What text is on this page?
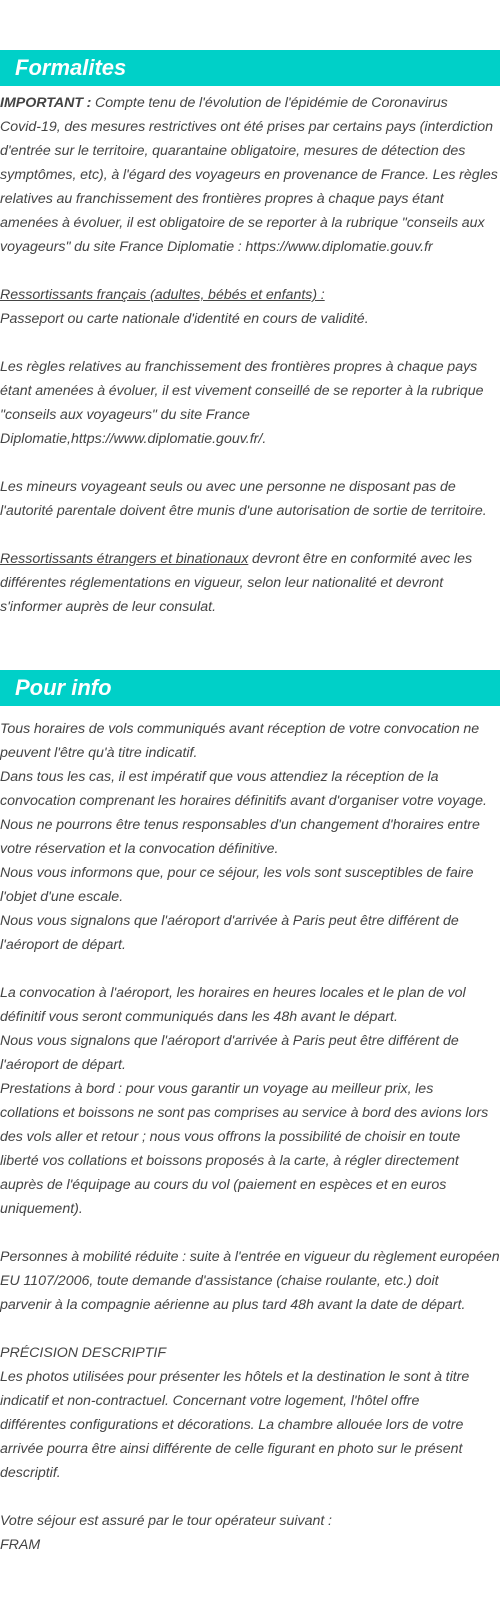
Formalites
IMPORTANT : Compte tenu de l'évolution de l'épidémie de Coronavirus
Covid-19, des mesures restrictives ont été prises par certains pays (interdiction
d'entrée sur le territoire, quarantaine obligatoire, mesures de détection des
symptômes, etc), à l'égard des voyageurs en provenance de France. Les règles
relatives au franchissement des frontières propres à chaque pays étant
amenées à évoluer, il est obligatoire de se reporter à la rubrique "conseils aux
voyageurs" du site France Diplomatie : https://www.diplomatie.gouv.fr
Ressortissants français (adultes, bébés et enfants) :
Passeport ou carte nationale d'identité en cours de validité.
Les règles relatives au franchissement des frontières propres à chaque pays
étant amenées à évoluer, il est vivement conseillé de se reporter à la rubrique
"conseils aux voyageurs" du site France
Diplomatie,https://www.diplomatie.gouv.fr/.
Les mineurs voyageant seuls ou avec une personne ne disposant pas de
l'autorité parentale doivent être munis d'une autorisation de sortie de territoire.
Ressortissants étrangers et binationaux devront être en conformité avec les
différentes réglementations en vigueur, selon leur nationalité et devront
s'informer auprès de leur consulat.
Pour info
Tous horaires de vols communiqués avant réception de votre convocation ne
peuvent l'être qu'à titre indicatif.
Dans tous les cas, il est impératif que vous attendiez la réception de la
convocation comprenant les horaires définitifs avant d'organiser votre voyage.
Nous ne pourrons être tenus responsables d'un changement d'horaires entre
votre réservation et la convocation définitive.
Nous vous informons que, pour ce séjour, les vols sont susceptibles de faire
l'objet d'une escale.
Nous vous signalons que l'aéroport d'arrivée à Paris peut être différent de
l'aéroport de départ.
La convocation à l'aéroport, les horaires en heures locales et le plan de vol
définitif vous seront communiqués dans les 48h avant le départ.
Nous vous signalons que l'aéroport d'arrivée à Paris peut être différent de
l'aéroport de départ.
Prestations à bord : pour vous garantir un voyage au meilleur prix, les
collations et boissons ne sont pas comprises au service à bord des avions lors
des vols aller et retour ; nous vous offrons la possibilité de choisir en toute
liberté vos collations et boissons proposés à la carte, à régler directement
auprès de l'équipage au cours du vol (paiement en espèces et en euros
uniquement).
Personnes à mobilité réduite : suite à l'entrée en vigueur du règlement européen
EU 1107/2006, toute demande d'assistance (chaise roulante, etc.) doit
parvenir à la compagnie aérienne au plus tard 48h avant la date de départ.
PRÉCISION DESCRIPTIF
Les photos utilisées pour présenter les hôtels et la destination le sont à titre
indicatif et non-contractuel. Concernant votre logement, l'hôtel offre
différentes configurations et décorations. La chambre allouée lors de votre
arrivée pourra être ainsi différente de celle figurant en photo sur le présent
descriptif.
Votre séjour est assuré par le tour opérateur suivant :
FRAM
